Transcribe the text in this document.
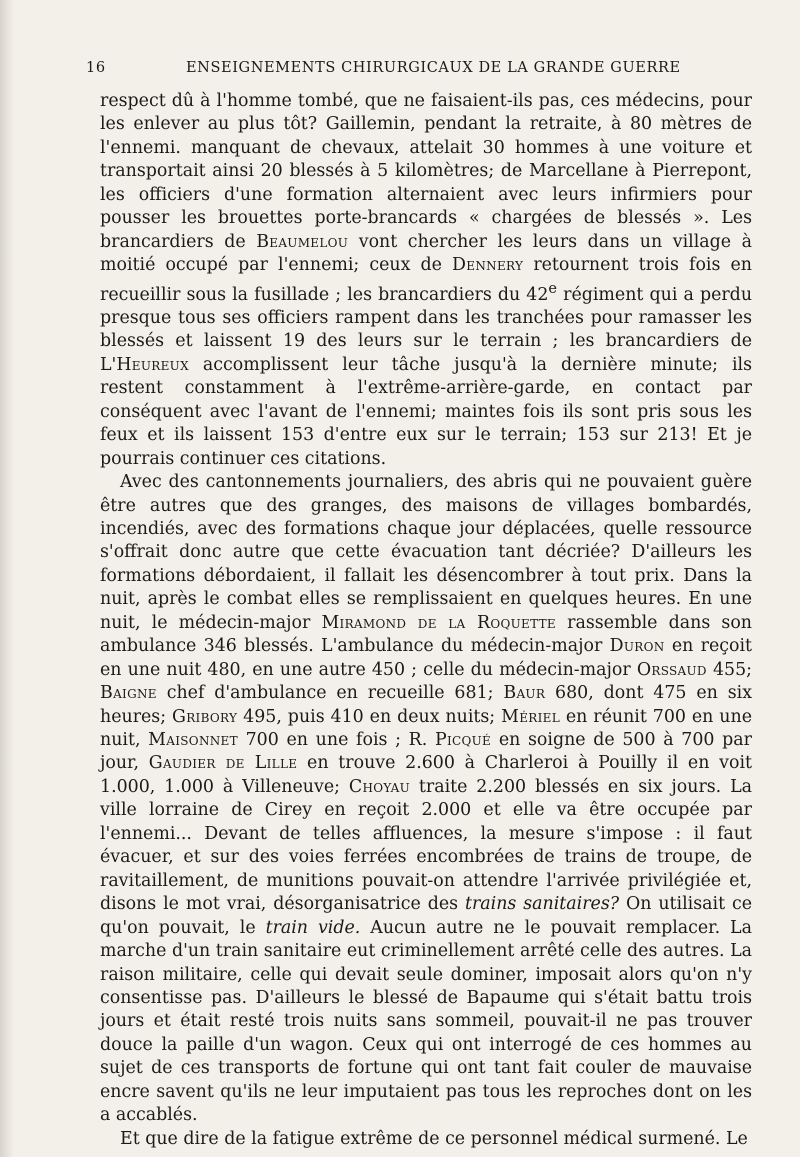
16	ENSEIGNEMENTS CHIRURGICAUX DE LA GRANDE GUERRE

respect dû à l'homme tombé, que ne faisaient-ils pas, ces médecins, pour les enlever au plus tôt? Gaillemin, pendant la retraite, à 80 mètres de l'ennemi. manquant de chevaux, attelait 30 hommes à une voiture et transportait ainsi 20 blessés à 5 kilomètres; de Marcellane à Pierrepont, les officiers d'une formation alternaient avec leurs infirmiers pour pousser les brouettes porte-brancards « chargées de blessés ». Les brancardiers de Beaumelou vont chercher les leurs dans un village à moitié occupé par l'ennemi; ceux de Dennery retournent trois fois en recueillir sous la fusillade ; les brancardiers du 42e régiment qui a perdu presque tous ses officiers rampent dans les tranchées pour ramasser les blessés et laissent 19 des leurs sur le terrain ; les brancardiers de L'Heureux accomplissent leur tâche jusqu'à la dernière minute; ils restent constamment à l'extrême-arrière-garde, en contact par conséquent avec l'avant de l'ennemi; maintes fois ils sont pris sous les feux et ils laissent 153 d'entre eux sur le terrain; 153 sur 213! Et je pourrais continuer ces citations.

Avec des cantonnements journaliers, des abris qui ne pouvaient guère être autres que des granges, des maisons de villages bombardés, incendiés, avec des formations chaque jour déplacées, quelle ressource s'offrait donc autre que cette évacuation tant décriée? D'ailleurs les formations débordaient, il fallait les désencombrer à tout prix. Dans la nuit, après le combat elles se remplissaient en quelques heures. En une nuit, le médecin-major Miramond de la Roquette rassemble dans son ambulance 346 blessés. L'ambulance du médecin-major Duron en reçoit en une nuit 480, en une autre 450 ; celle du médecin-major Orssaud 455; Baigne chef d'ambulance en recueille 681; Baur 680, dont 475 en six heures; Gribory 495, puis 410 en deux nuits; Mériel en réunit 700 en une nuit, Maisonnet 700 en une fois ; R. Picqué en soigne de 500 à 700 par jour, Gaudier de Lille en trouve 2.600 à Charleroi à Pouilly il en voit 1.000, 1.000 à Villeneuve; Choyau traite 2.200 blessés en six jours. La ville lorraine de Cirey en reçoit 2.000 et elle va être occupée par l'ennemi... Devant de telles affluences, la mesure s'impose : il faut évacuer, et sur des voies ferrées encombrées de trains de troupe, de ravitaillement, de munitions pouvait-on attendre l'arrivée privilégiée et, disons le mot vrai, désorganisatrice des trains sanitaires? On utilisait ce qu'on pouvait, le train vide. Aucun autre ne le pouvait remplacer. La marche d'un train sanitaire eut criminellement arrêté celle des autres. La raison militaire, celle qui devait seule dominer, imposait alors qu'on n'y consentisse pas. D'ailleurs le blessé de Bapaume qui s'était battu trois jours et était resté trois nuits sans sommeil, pouvait-il ne pas trouver douce la paille d'un wagon. Ceux qui ont interrogé de ces hommes au sujet de ces transports de fortune qui ont tant fait couler de mauvaise encre savent qu'ils ne leur imputaient pas tous les reproches dont on les a accablés.

Et que dire de la fatigue extrême de ce personnel médical surmené. Le
